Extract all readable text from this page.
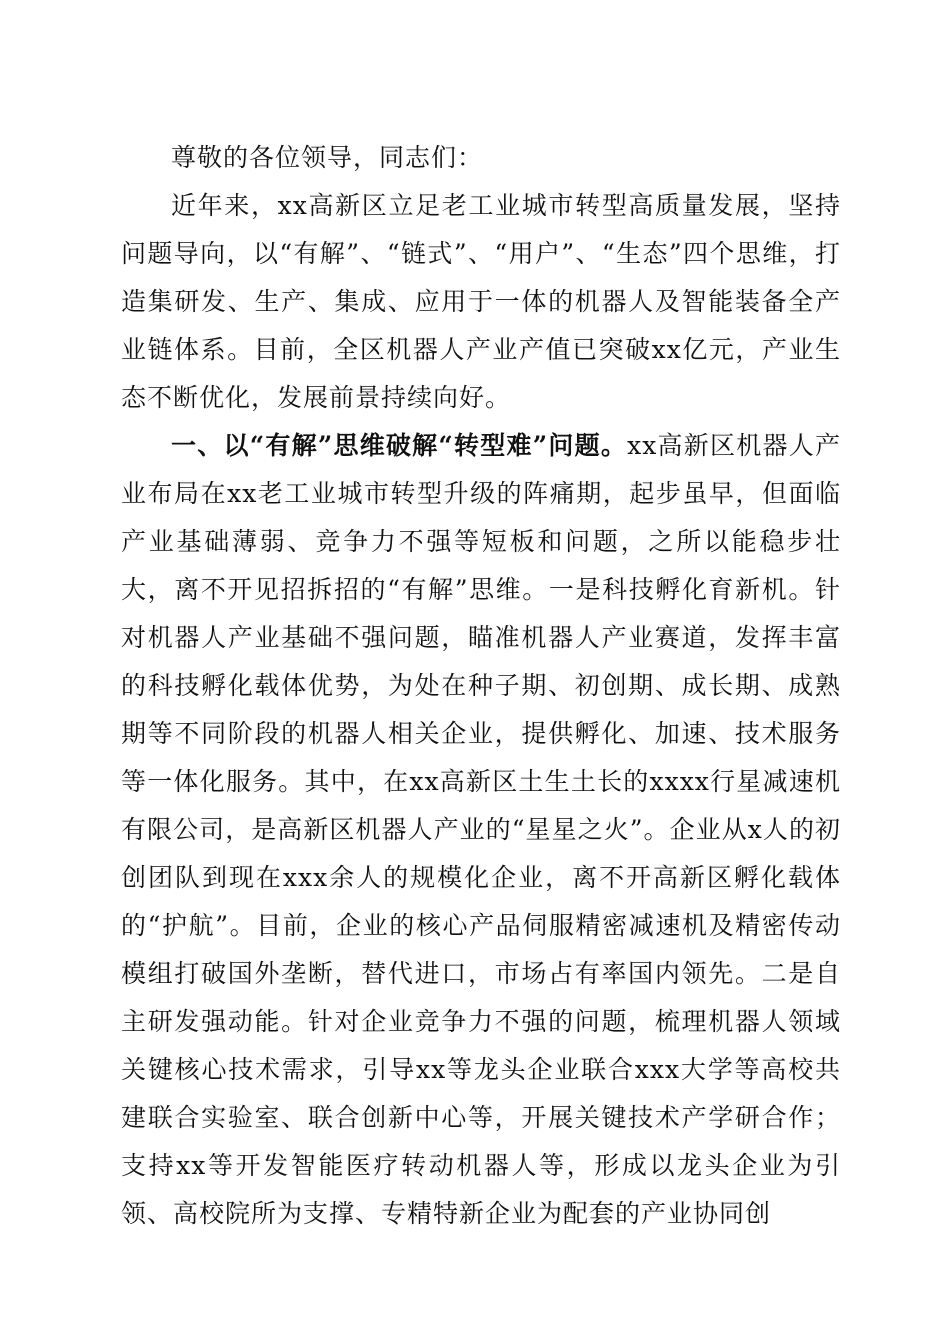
尊敬的各位领导，同志们：

近年来，xx高新区立足老工业城市转型高质量发展，坚持问题导向，以“有解”、“链式”、“用户”、“生态”四个思维，打造集研发、生产、集成、应用于一体的机器人及智能装备全产业链体系。目前，全区机器人产业产值已突破xx亿元，产业生态不断优化，发展前景持续向好。

一、以“有解”思维破解“转型难”问题。xx高新区机器人产业布局在xx老工业城市转型升级的阵痛期，起步虽早，但面临产业基础薄弱、竞争力不强等短板和问题，之所以能稳步壮大，离不开见招拆招的“有解”思维。一是科技孵化育新机。针对机器人产业基础不强问题，瞄准机器人产业赛道，发挥丰富的科技孵化载体优势，为处在种子期、初创期、成长期、成熟期等不同阶段的机器人相关企业，提供孵化、加速、技术服务等一体化服务。其中，在xx高新区土生土长的xxxx行星减速机有限公司，是高新区机器人产业的“星星之火”。企业从x人的初创团队到现在xxx余人的规模化企业，离不开高新区孵化载体的“护航”。目前，企业的核心产品伺服精密减速机及精密传动模组打破国外垄断，替代进口，市场占有率国内领先。二是自主研发强动能。针对企业竞争力不强的问题，梳理机器人领域关键核心技术需求，引导xx等龙头企业联合xxx大学等高校共建联合实验室、联合创新中心等，开展关键技术产学研合作；支持xx等开发智能医疗转动机器人等，形成以龙头企业为引领、高校院所为支撑、专精特新企业为配套的产业协同创
